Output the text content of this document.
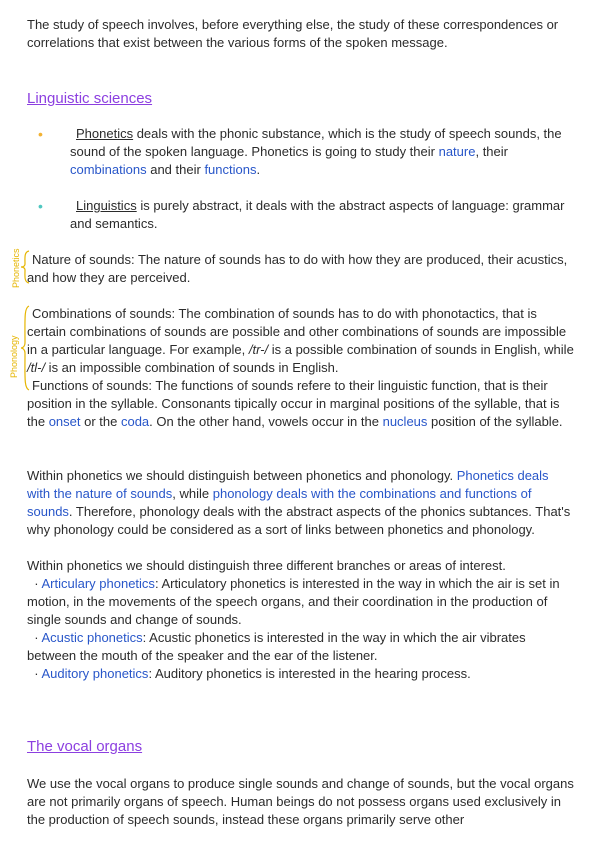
The study of speech involves, before everything else, the study of these correspondences or correlations that exist between the various forms of the spoken message.

Linguistic sciences
•	Phonetics deals with the phonic substance, which is the study of speech sounds, the sound of the spoken language. Phonetics is going to study their nature, their combinations and their functions.

•	Linguistics is purely abstract, it deals with the abstract aspects of language: grammar and semantics.

Phonetics Nature of sounds: The nature of sounds has to do with how they are produced, their acustics, and how they are perceived.

Phonology

Combinations of sounds: The combination of sounds has to do with phonotactics, that is certain combinations of sounds are possible and other combinations of sounds are impossible in a particular language. For example, /tr-/ is a possible combination of sounds in English, while /tl-/ is an impossible combination of sounds in English.

Functions of sounds: The functions of sounds refere to their linguistic function, that is their position in the syllable. Consonants tipically occur in marginal positions of the syllable, that is the onset or the coda. On the other hand, vowels occur in the nucleus position of the syllable.

Within phonetics we should distinguish between phonetics and phonology. Phonetics deals with the nature of sounds, while phonology deals with the combinations and functions of sounds. Therefore, phonology deals with the abstract aspects of the phonics subtances. That's why phonology could be considered as a sort of links between phonetics and phonology.

Within phonetics we should distinguish three different branches or areas of interest.

· Articulary phonetics: Articulatory phonetics is interested in the way in which the air is set in motion, in the movements of the speech organs, and their coordination in the production of single sounds and change of sounds.

· Acustic phonetics: Acustic phonetics is interested in the way in which the air vibrates between the mouth of the speaker and the ear of the listener.

· Auditory phonetics: Auditory phonetics is interested in the hearing process.

The vocal organs

We use the vocal organs to produce single sounds and change of sounds, but the vocal organs are not primarily organs of speech. Human beings do not possess organs used exclusively in the production of speech sounds, instead these organs primarily serve other
